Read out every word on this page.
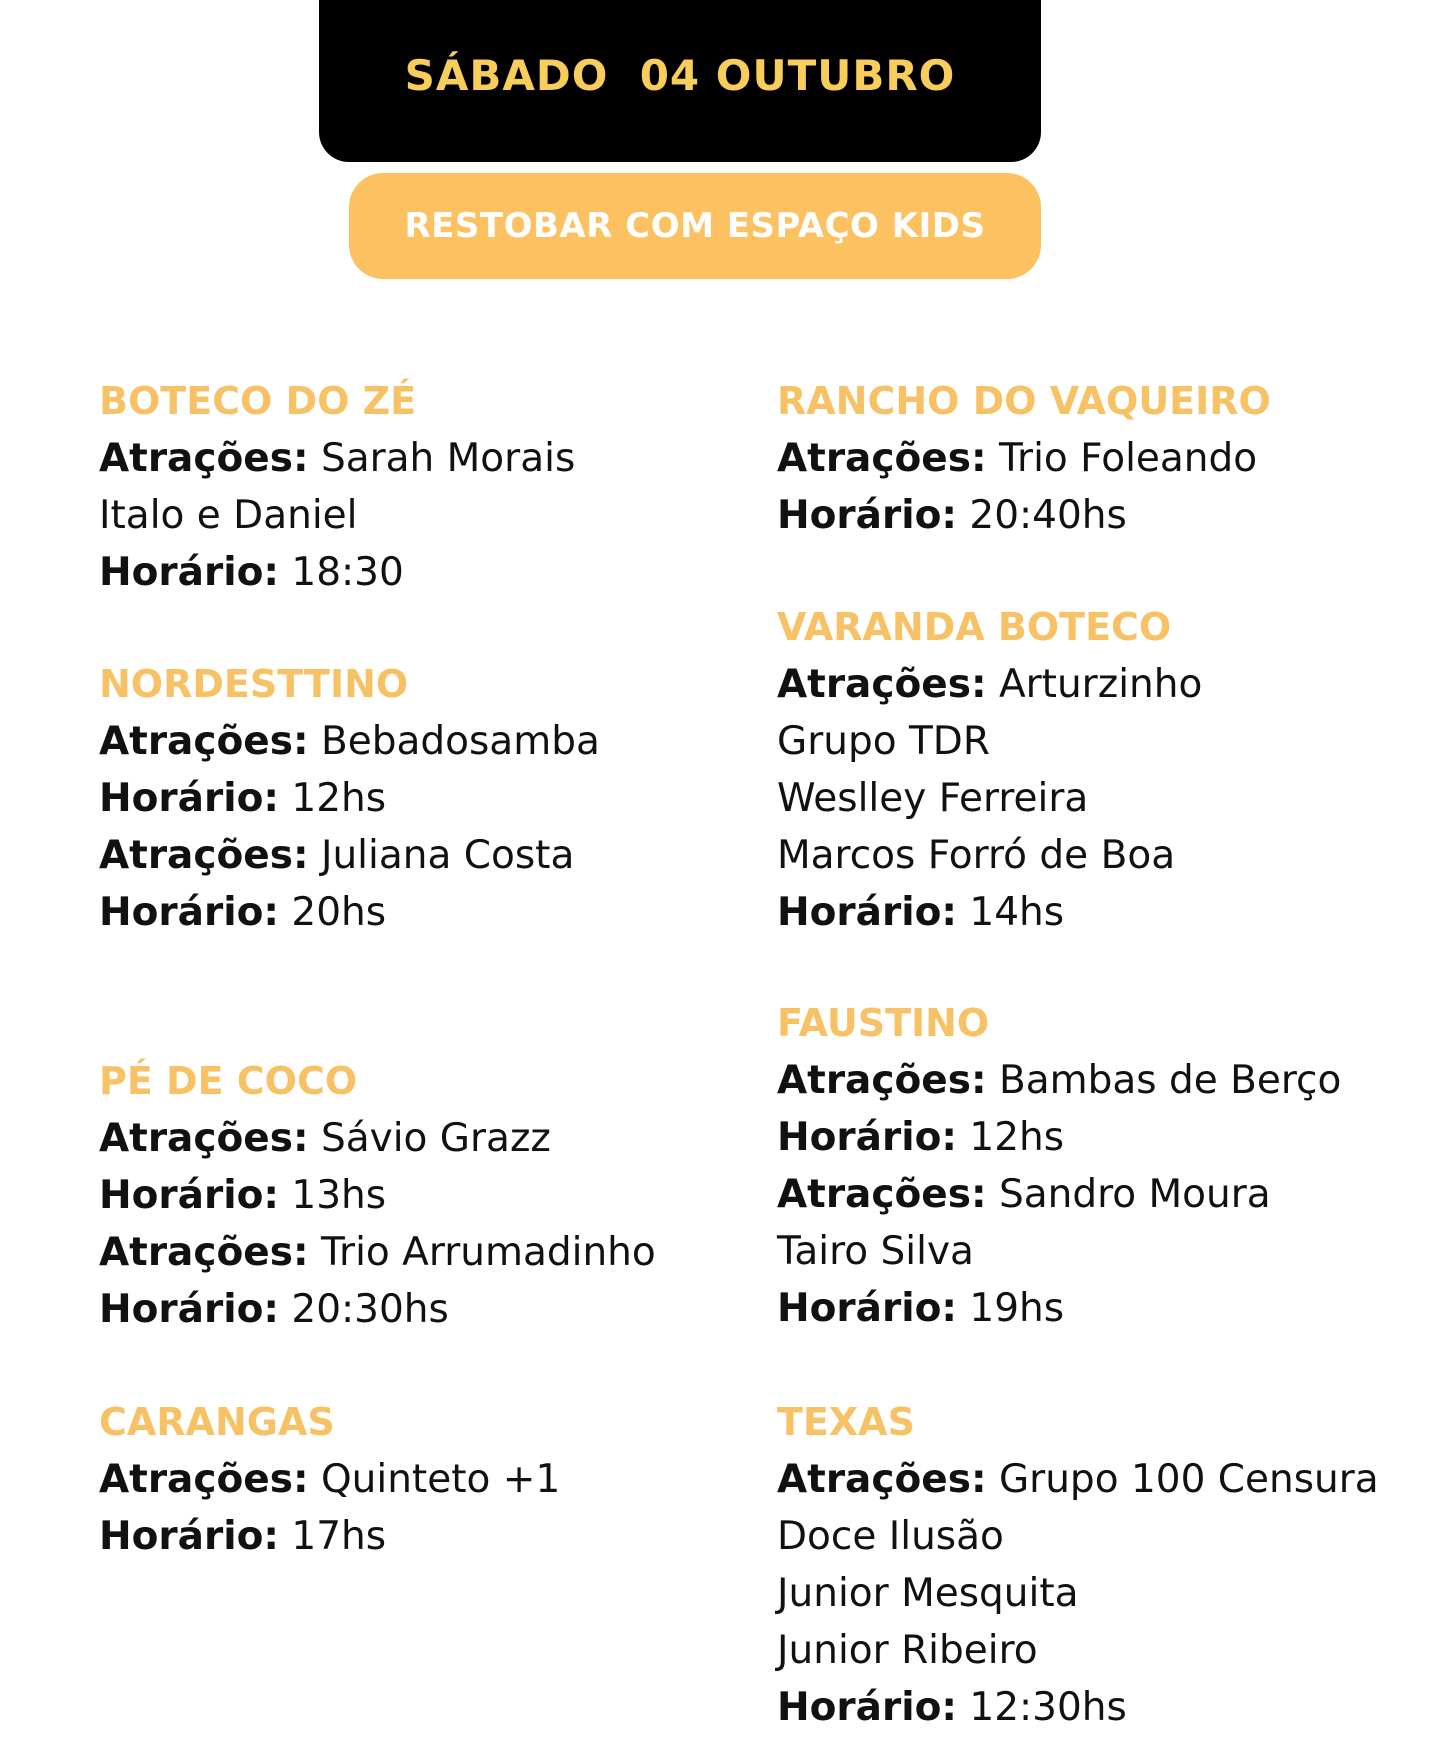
SÁBADO  04 OUTUBRO
RESTOBAR COM ESPAÇO KIDS
BOTECO DO ZÉ
Atrações: Sarah Morais
Italo e Daniel
Horário: 18:30
NORDESTTINO
Atrações: Bebadosamba
Horário: 12hs
Atrações: Juliana Costa
Horário: 20hs
PÉ DE COCO
Atrações: Sávio Grazz
Horário: 13hs
Atrações: Trio Arrumadinho
Horário: 20:30hs
CARANGAS
Atrações: Quinteto +1
Horário: 17hs
RANCHO DO VAQUEIRO
Atrações: Trio Foleando
Horário: 20:40hs
VARANDA BOTECO
Atrações: Arturzinho
Grupo TDR
Weslley Ferreira
Marcos Forró de Boa
Horário: 14hs
FAUSTINO
Atrações: Bambas de Berço
Horário: 12hs
Atrações: Sandro Moura
Tairo Silva
Horário: 19hs
TEXAS
Atrações: Grupo 100 Censura
Doce Ilusão
Junior Mesquita
Junior Ribeiro
Horário: 12:30hs
